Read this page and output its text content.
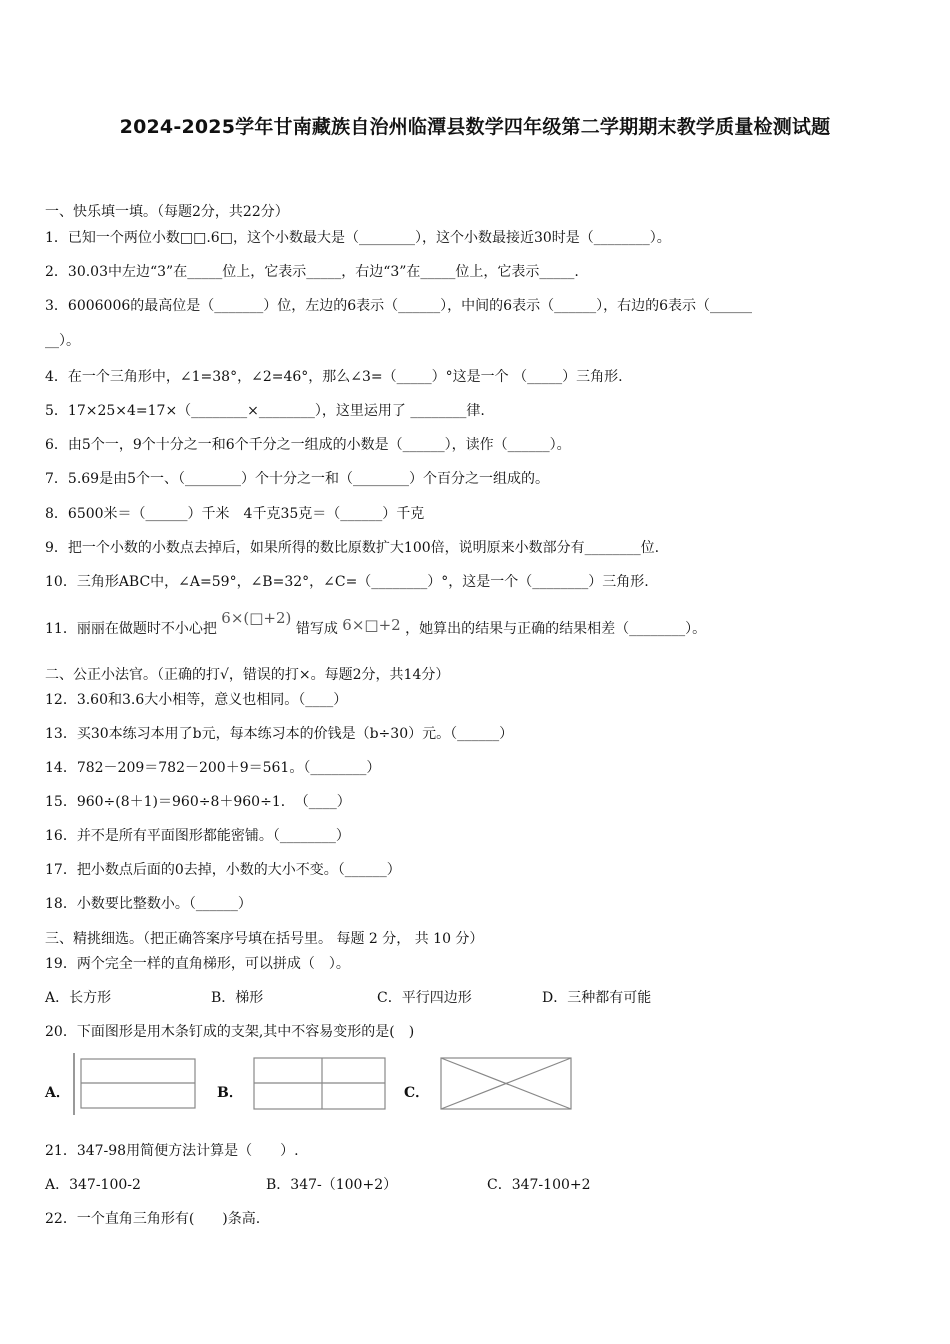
2024-2025学年甘南藏族自治州临潭县数学四年级第二学期期末教学质量检测试题
一、快乐填一填。（每题2分，共22分）
1．已知一个两位小数□□.6□，这个小数最大是（________），这个小数最接近30时是（________）。
2．30.03中左边“3”在_____位上，它表示_____，右边“3”在_____位上，它表示_____.
3．6006006的最高位是（_______）位，左边的6表示（______），中间的6表示（______），右边的6表示（______
__）。
4．在一个三角形中，∠1=38°，∠2=46°，那么∠3=（_____）°这是一个 （_____）三角形.
5．17×25×4=17×（________×________），这里运用了 ________律.
6．由5个一，9个十分之一和6个千分之一组成的小数是（______），读作（______）。
7．5.69是由5个一、（________）个十分之一和（________）个百分之一组成的。
8．6500米＝（______）千米　4千克35克＝（______）千克
9．把一个小数的小数点去掉后，如果所得的数比原数扩大100倍，说明原来小数部分有________位.
10．三角形ABC中，∠A=59°，∠B=32°，∠C=（________）°，这是一个（________）三角形.
11．丽丽在做题时不小心把 6×(□+2) 错写成 6×□+2 ，她算出的结果与正确的结果相差（________）。
二、公正小法官。（正确的打√，错误的打×。每题2分，共14分）
12．3.60和3.6大小相等，意义也相同。（____）
13．买30本练习本用了b元，每本练习本的价钱是（b÷30）元。（______）
14．782－209＝782－200＋9＝561。（________）
15．960÷(8＋1)＝960÷8＋960÷1．　（____）
16．并不是所有平面图形都能密铺。（________）
17．把小数点后面的0去掉，小数的大小不变。（______）
18．小数要比整数小。（______）
三、精挑细选。（把正确答案序号填在括号里。 每题 2 分， 共 10 分）
19．两个完全一样的直角梯形，可以拼成（　）。
A．长方形	B．梯形	C．平行四边形	D．三种都有可能
20．下面图形是用木条钉成的支架,其中不容易变形的是(　)
A．	B．	C．
21．347-98用简便方法计算是（　　）.
A．347-100-2	B．347-（100+2）	C．347-100+2
22．一个直角三角形有(　　)条高.
